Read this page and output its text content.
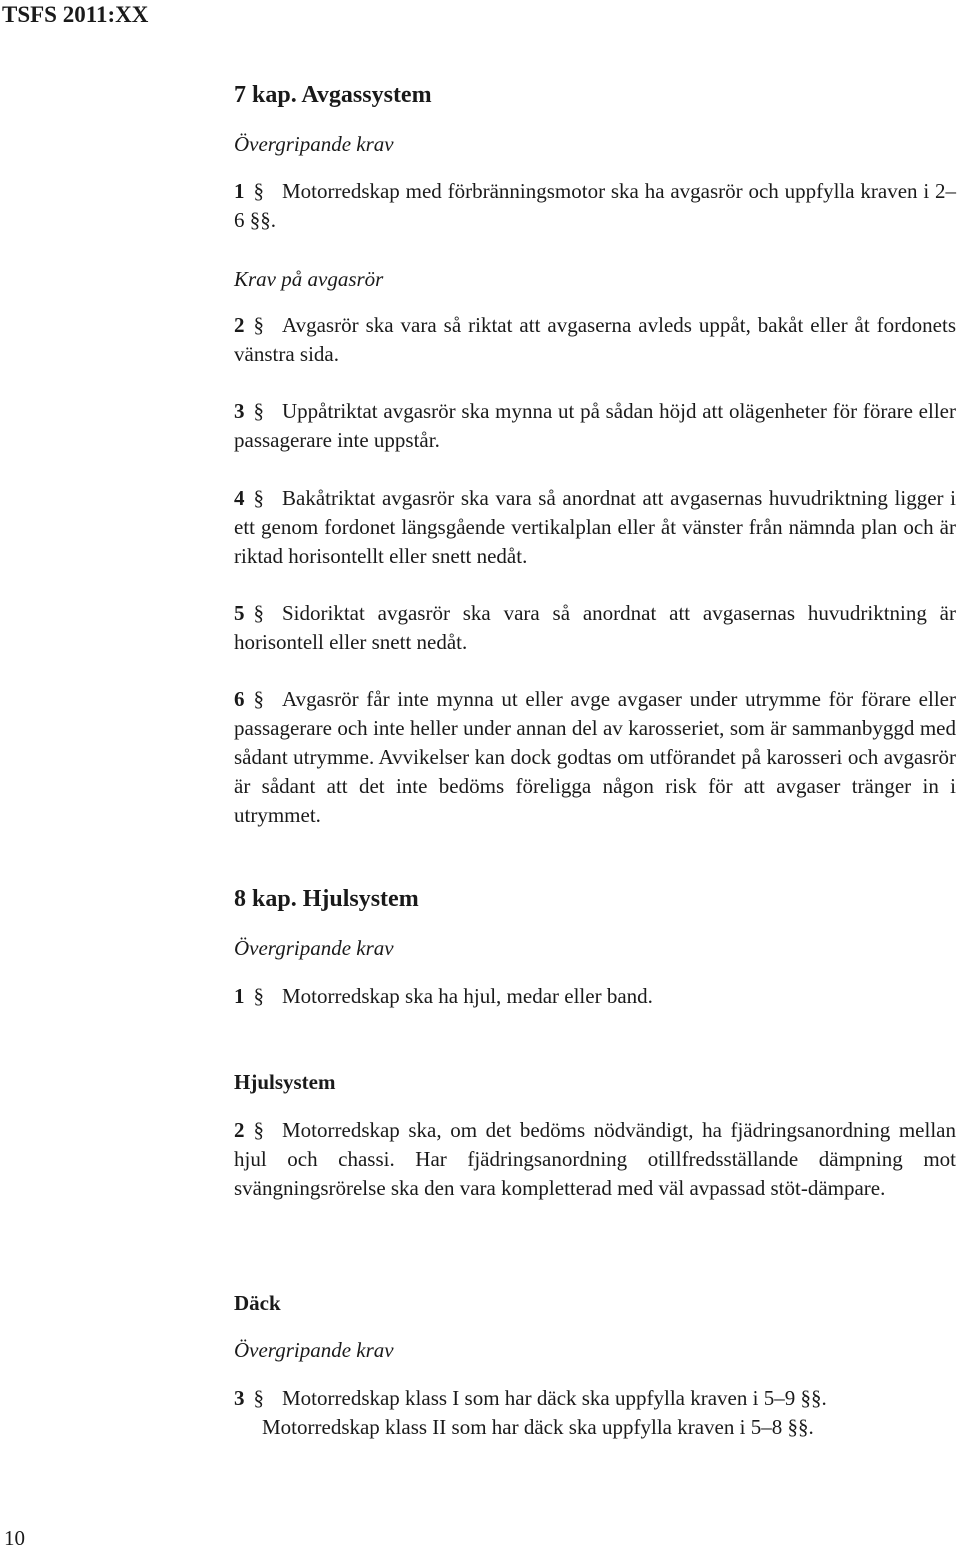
TSFS 2011:XX
7 kap. Avgassystem
Övergripande krav

1 § Motorredskap med förbränningsmotor ska ha avgasrör och uppfylla kraven i 2–6 §§.

Krav på avgasrör

2 § Avgasrör ska vara så riktat att avgaserna avleds uppåt, bakåt eller åt fordonets vänstra sida.

3 § Uppåtriktat avgasrör ska mynna ut på sådan höjd att olägenheter för förare eller passagerare inte uppstår.

4 § Bakåtriktat avgasrör ska vara så anordnat att avgasernas huvudriktning ligger i ett genom fordonet längsgående vertikalplan eller åt vänster från nämnda plan och är riktad horisontellt eller snett nedåt.

5 § Sidoriktat avgasrör ska vara så anordnat att avgasernas huvudriktning är horisontell eller snett nedåt.

6 § Avgasrör får inte mynna ut eller avge avgaser under utrymme för förare eller passagerare och inte heller under annan del av karosseriet, som är sammanbyggd med sådant utrymme. Avvikelser kan dock godtas om utförandet på karosseri och avgasrör är sådant att det inte bedöms föreligga någon risk för att avgaser tränger in i utrymmet.

8 kap. Hjulsystem
Övergripande krav

1 § Motorredskap ska ha hjul, medar eller band.

Hjulsystem

2 § Motorredskap ska, om det bedöms nödvändigt, ha fjädringsanordning mellan hjul och chassi. Har fjädringsanordning otillfredsställande dämpning mot svängningsrörelse ska den vara kompletterad med väl avpassad stöt-dämpare.

Däck
Övergripande krav

3 § Motorredskap klass I som har däck ska uppfylla kraven i 5–9 §§.
Motorredskap klass II som har däck ska uppfylla kraven i 5–8 §§.

10
